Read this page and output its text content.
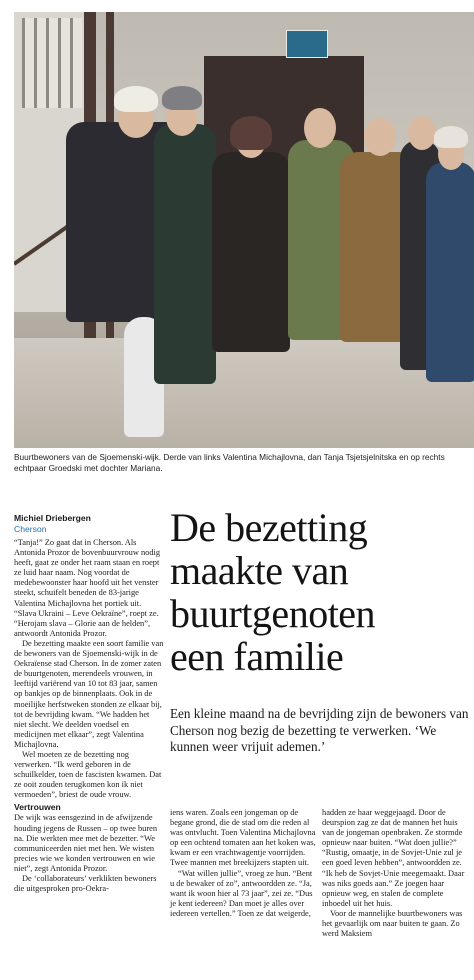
Buurtbewoners van de Sjoemenski-wijk. Derde van links Valentina Michajlovna, dan Tanja Tsjetsjelnitska en op rechts echtpaar Groedski met dochter Mariana.
Michiel Driebergen
Cherson

“Tanja!” Zo gaat dat in Cherson. Als Antonida Prozor de bovenbuurvrouw nodig heeft, gaat ze onder het raam staan en roept ze luid haar naam. Nog voordat de medebewoonster haar hoofd uit het venster steekt, schuifelt beneden de 83-jarige Valentina Michajlovna het portiek uit. “Slava Ukraini – Leve Oekraïne”, roept ze. “Herojam slava – Glorie aan de helden”, antwoordt Antonida Prozor.

De bezetting maakte een soort familie van de bewoners van de Sjoemenski-wijk in de Oekraïense stad Cherson. In de zomer zaten de buurtgenoten, merendeels vrouwen, in leeftijd variërend van 10 tot 83 jaar, samen op bankjes op de binnenplaats. Ook in de moeilijke herfstweken stonden ze elkaar bij, tot de bevrijding kwam. “We hadden het niet slecht. We deelden voedsel en medicijnen met elkaar”, zegt Valentina Michajlovna.

Wel moeten ze de bezetting nog verwerken. “Ik werd geboren in de schuilkelder, toen de fascisten kwamen. Dat ze ooit zouden terugkomen kon ik niet vermoeden”, briest de oude vrouw.

Vertrouwen

De wijk was eensgezind in de afwijzende houding jegens de Russen – op twee buren na. Die werkten mee met de bezetter. “We communiceerden niet met hen. We wisten precies wie we konden vertrouwen en wie niet”, zegt Antonida Prozor.

De ‘collaborateurs’ verklikten bewoners die uitgesproken pro-Oekra-

De bezetting
maakte van
buurtgenoten
een familie
Een kleine maand na de bevrijding zijn de bewoners van Cherson nog bezig de bezetting te verwerken. ‘We kunnen weer vrijuit ademen.’

iens waren. Zoals een jongeman op de begane grond, die de stad om die reden al was ontvlucht. Toen Valentina Michajlovna op een ochtend tomaten aan het koken was, kwam er een vrachtwagentje voorrijden. Twee mannen met breekijzers stapten uit.

“Wat willen jullie”, vroeg ze hun. “Bent u de bewaker of zo”, antwoordden ze. “Ja, want ik woon hier al 73 jaar”, zei ze. “Dus je kent iedereen? Dan moet je alles over iedereen vertellen.” Toen ze dat weigerde,

hadden ze haar weggejaagd. Door de deurspion zag ze dat de mannen het huis van de jongeman openbraken. Ze stormde opnieuw naar buiten. “Wat doen jullie?” “Rustig, omaatje, in de Sovjet-Unie zul je een goed leven hebben”, antwoordden ze. “Ik heb de Sovjet-Unie meegemaakt. Daar was niks goeds aan.” Ze joegen haar opnieuw weg, en stalen de complete inboedel uit het huis.

Voor de mannelijke buurtbewoners was het gevaarlijk om naar buiten te gaan. Zo werd Maksiem
